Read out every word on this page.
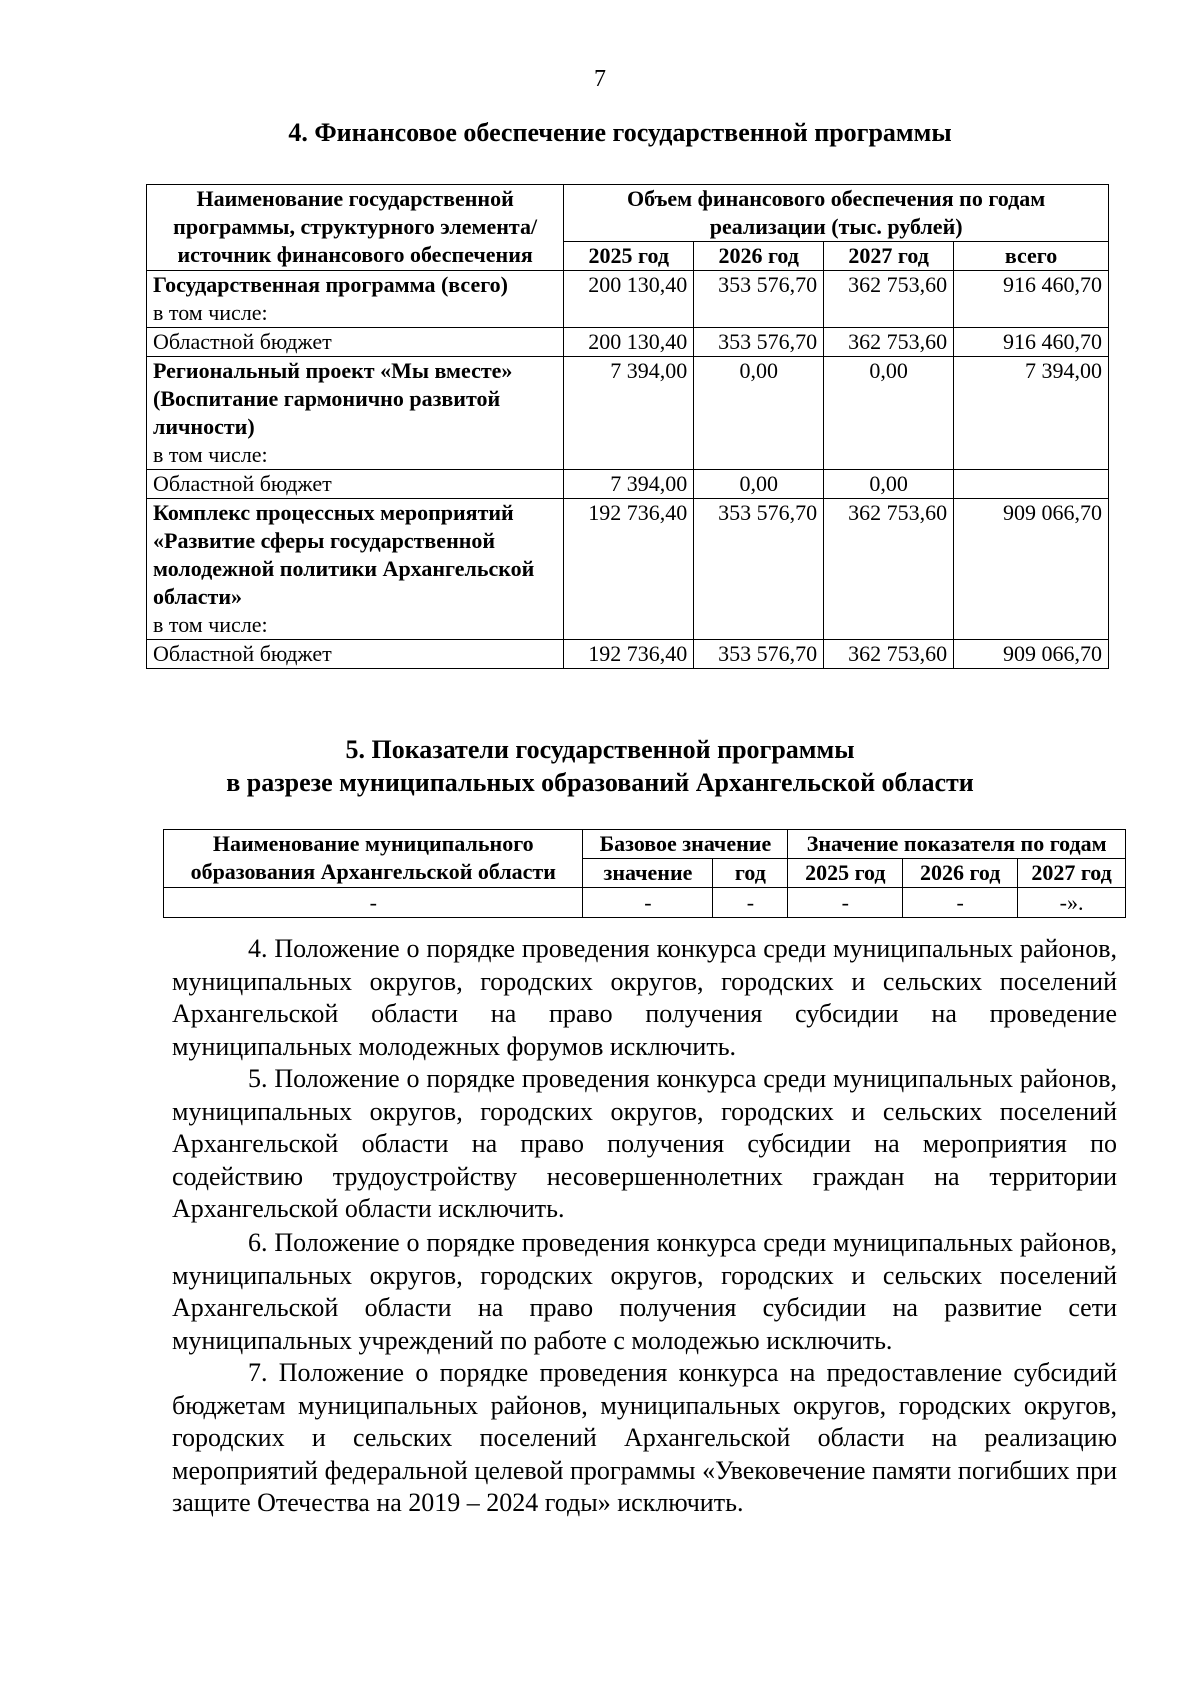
7
4. Финансовое обеспечение государственной программы
Наименование государственной программы, структурного элемента/ источник финансового обеспечения	Объем финансового обеспечения по годам реализации (тыс. рублей)			
	2025 год	2026 год	2027 год	всего
Государственная программа (всего)
в том числе:	200 130,40	353 576,70	362 753,60	916 460,70
Областной бюджет	200 130,40	353 576,70	362 753,60	916 460,70
Региональный проект «Мы вместе» (Воспитание гармонично развитой личности)
в том числе:	7 394,00	0,00	0,00	7 394,00
Областной бюджет	7 394,00	0,00	0,00	
Комплекс процессных мероприятий «Развитие сферы государственной молодежной политики Архангельской области»
в том числе:	192 736,40	353 576,70	362 753,60	909 066,70
Областной бюджет	192 736,40	353 576,70	362 753,60	909 066,70
5. Показатели государственной программы
в разрезе муниципальных образований Архангельской области
Наименование муниципального образования Архангельской области	Базовое значение		Значение показателя по годам		
	значение	год	2025 год	2026 год	2027 год
-	-	-	-	-	-».

4. Положение о порядке проведения конкурса среди муниципальных районов, муниципальных округов, городских округов, городских и сельских поселений Архангельской области на право получения субсидии на проведение муниципальных молодежных форумов исключить.

5. Положение о порядке проведения конкурса среди муниципальных районов, муниципальных округов, городских округов, городских и сельских поселений Архангельской области на право получения субсидии на мероприятия по содействию трудоустройству несовершеннолетних граждан на территории Архангельской области исключить.

6. Положение о порядке проведения конкурса среди муниципальных районов, муниципальных округов, городских округов, городских и сельских поселений Архангельской области на право получения субсидии на развитие сети муниципальных учреждений по работе с молодежью исключить.

7. Положение о порядке проведения конкурса на предоставление субсидий бюджетам муниципальных районов, муниципальных округов, городских округов, городских и сельских поселений Архангельской области на реализацию мероприятий федеральной целевой программы «Увековечение памяти погибших при защите Отечества на 2019 – 2024 годы» исключить.
